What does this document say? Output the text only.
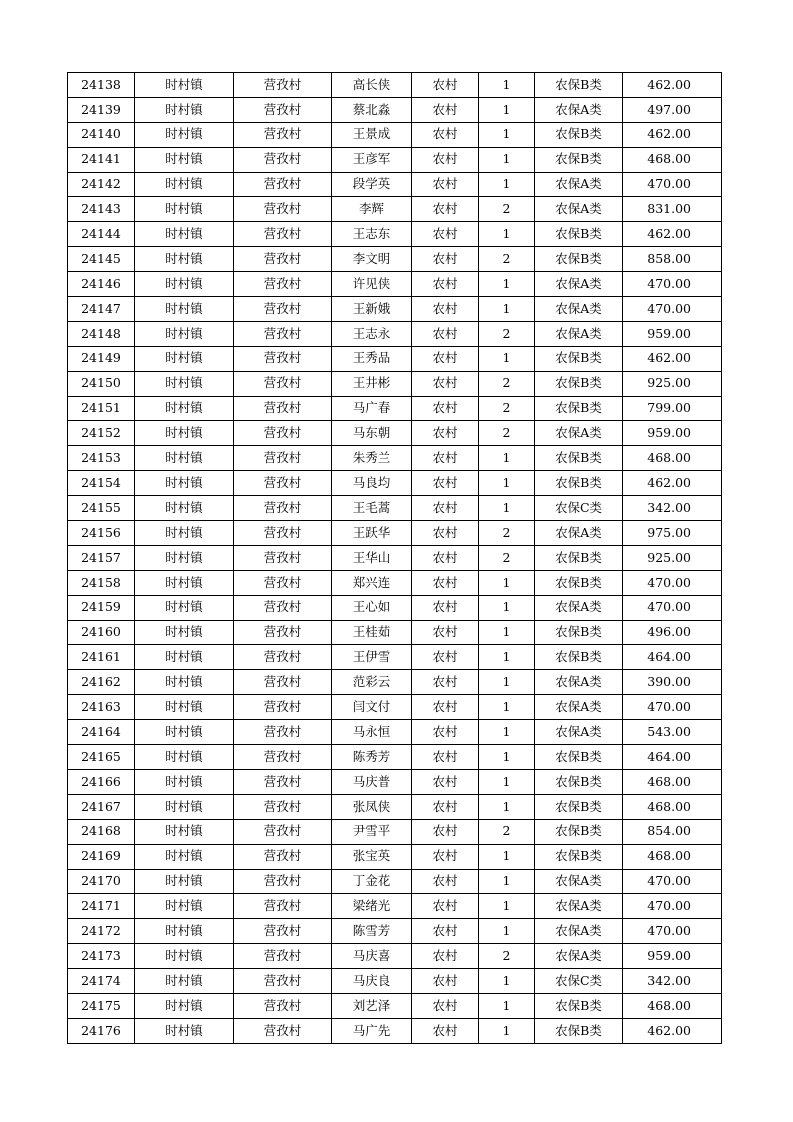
24138	时村镇	营孜村	高长侠	农村	1	农保B类	462.00
24139	时村镇	营孜村	蔡北淼	农村	1	农保A类	497.00
24140	时村镇	营孜村	王景成	农村	1	农保B类	462.00
24141	时村镇	营孜村	王彦军	农村	1	农保B类	468.00
24142	时村镇	营孜村	段学英	农村	1	农保A类	470.00
24143	时村镇	营孜村	李辉	农村	2	农保A类	831.00
24144	时村镇	营孜村	王志东	农村	1	农保B类	462.00
24145	时村镇	营孜村	李文明	农村	2	农保B类	858.00
24146	时村镇	营孜村	许见侠	农村	1	农保A类	470.00
24147	时村镇	营孜村	王新娥	农村	1	农保A类	470.00
24148	时村镇	营孜村	王志永	农村	2	农保A类	959.00
24149	时村镇	营孜村	王秀品	农村	1	农保B类	462.00
24150	时村镇	营孜村	王井彬	农村	2	农保B类	925.00
24151	时村镇	营孜村	马广春	农村	2	农保B类	799.00
24152	时村镇	营孜村	马东朝	农村	2	农保A类	959.00
24153	时村镇	营孜村	朱秀兰	农村	1	农保B类	468.00
24154	时村镇	营孜村	马良均	农村	1	农保B类	462.00
24155	时村镇	营孜村	王毛蒿	农村	1	农保C类	342.00
24156	时村镇	营孜村	王跃华	农村	2	农保A类	975.00
24157	时村镇	营孜村	王华山	农村	2	农保B类	925.00
24158	时村镇	营孜村	郑兴连	农村	1	农保B类	470.00
24159	时村镇	营孜村	王心如	农村	1	农保A类	470.00
24160	时村镇	营孜村	王桂茹	农村	1	农保B类	496.00
24161	时村镇	营孜村	王伊雪	农村	1	农保B类	464.00
24162	时村镇	营孜村	范彩云	农村	1	农保A类	390.00
24163	时村镇	营孜村	闫文付	农村	1	农保A类	470.00
24164	时村镇	营孜村	马永恒	农村	1	农保A类	543.00
24165	时村镇	营孜村	陈秀芳	农村	1	农保B类	464.00
24166	时村镇	营孜村	马庆普	农村	1	农保B类	468.00
24167	时村镇	营孜村	张凤侠	农村	1	农保B类	468.00
24168	时村镇	营孜村	尹雪平	农村	2	农保B类	854.00
24169	时村镇	营孜村	张宝英	农村	1	农保B类	468.00
24170	时村镇	营孜村	丁金花	农村	1	农保A类	470.00
24171	时村镇	营孜村	梁绪光	农村	1	农保A类	470.00
24172	时村镇	营孜村	陈雪芳	农村	1	农保A类	470.00
24173	时村镇	营孜村	马庆喜	农村	2	农保A类	959.00
24174	时村镇	营孜村	马庆良	农村	1	农保C类	342.00
24175	时村镇	营孜村	刘艺泽	农村	1	农保B类	468.00
24176	时村镇	营孜村	马广先	农村	1	农保B类	462.00
